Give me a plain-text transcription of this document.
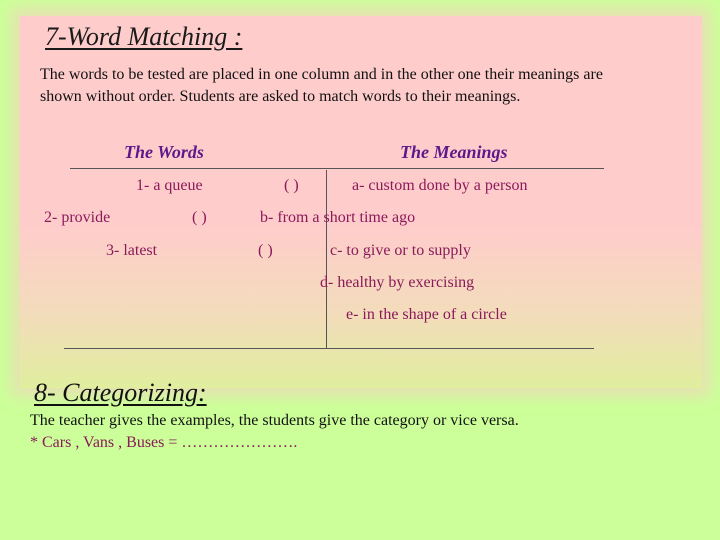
7-Word Matching :
The words to be tested are placed in one column and in the other one their meanings are shown without order. Students are asked to match words to their meanings.
The Words	The Meanings
1- a queue
2- provide
3- latest
( )
( )
( )
a- custom done by a person
b- from a short time ago
c- to give or to supply
d- healthy by exercising
e- in the shape of a circle
8- Categorizing:
The teacher gives the examples, the students give the category or vice versa.
* Cars , Vans , Buses = ………………….
